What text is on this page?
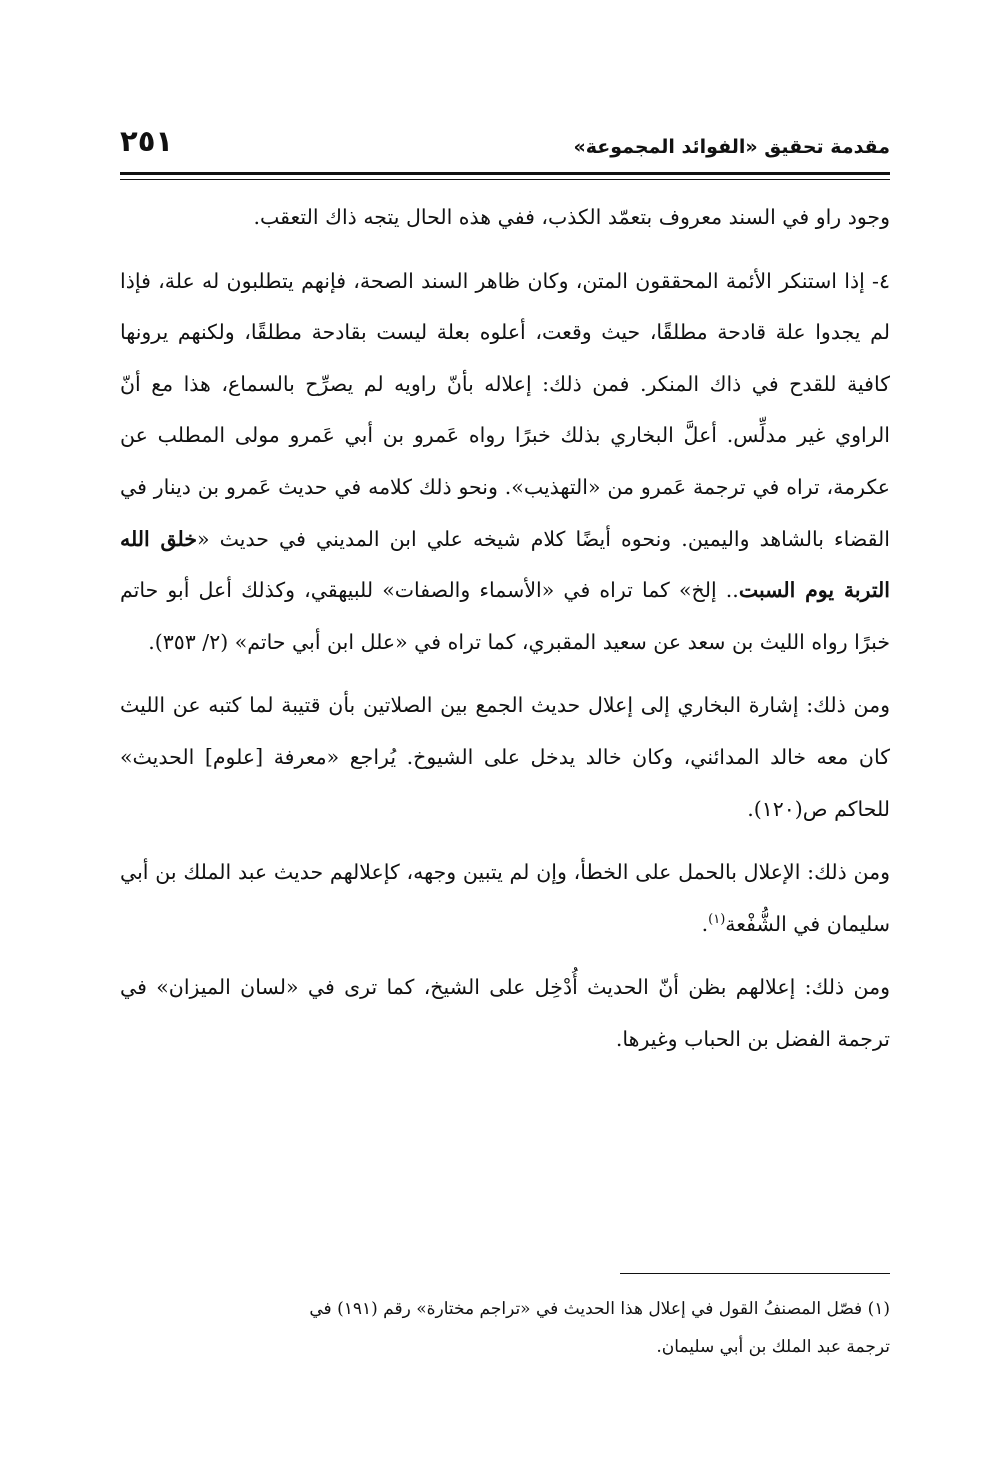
مقدمة تحقيق «الفوائد المجموعة»
٢٥١

وجود راو في السند معروف بتعمّد الكذب، ففي هذه الحال يتجه ذاك التعقب.

٤- إذا استنكر الأئمة المحققون المتن، وكان ظاهر السند الصحة، فإنهم يتطلبون له علة، فإذا لم يجدوا علة قادحة مطلقًا، حيث وقعت، أعلوه بعلة ليست بقادحة مطلقًا، ولكنهم يرونها كافية للقدح في ذاك المنكر. فمن ذلك: إعلاله بأنّ راويه لم يصرِّح بالسماع، هذا مع أنّ الراوي غير مدلِّس. أعلَّ البخاري بذلك خبرًا رواه عَمرو بن أبي عَمرو مولى المطلب عن عكرمة، تراه في ترجمة عَمرو من «التهذيب». ونحو ذلك كلامه في حديث عَمرو بن دينار في القضاء بالشاهد واليمين. ونحوه أيضًا كلام شيخه علي ابن المديني في حديث «خلق الله التربة يوم السبت.. إلخ» كما تراه في «الأسماء والصفات» للبيهقي، وكذلك أعل أبو حاتم خبرًا رواه الليث بن سعد عن سعيد المقبري، كما تراه في «علل ابن أبي حاتم» (٢/ ٣٥٣).

ومن ذلك: إشارة البخاري إلى إعلال حديث الجمع بين الصلاتين بأن قتيبة لما كتبه عن الليث كان معه خالد المدائني، وكان خالد يدخل على الشيوخ. يُراجع «معرفة [علوم] الحديث» للحاكم ص(١٢٠).

ومن ذلك: الإعلال بالحمل على الخطأ، وإن لم يتبين وجهه، كإعلالهم حديث عبد الملك بن أبي سليمان في الشُّفْعة$^{(١)}$.

ومن ذلك: إعلالهم بظن أنّ الحديث أُدْخِل على الشيخ، كما ترى في «لسان الميزان» في ترجمة الفضل بن الحباب وغيرها.

(١) فصّل المصنفُ القول في إعلال هذا الحديث في «تراجم مختارة» رقم (١٩١) في

ترجمة عبد الملك بن أبي سليمان.
